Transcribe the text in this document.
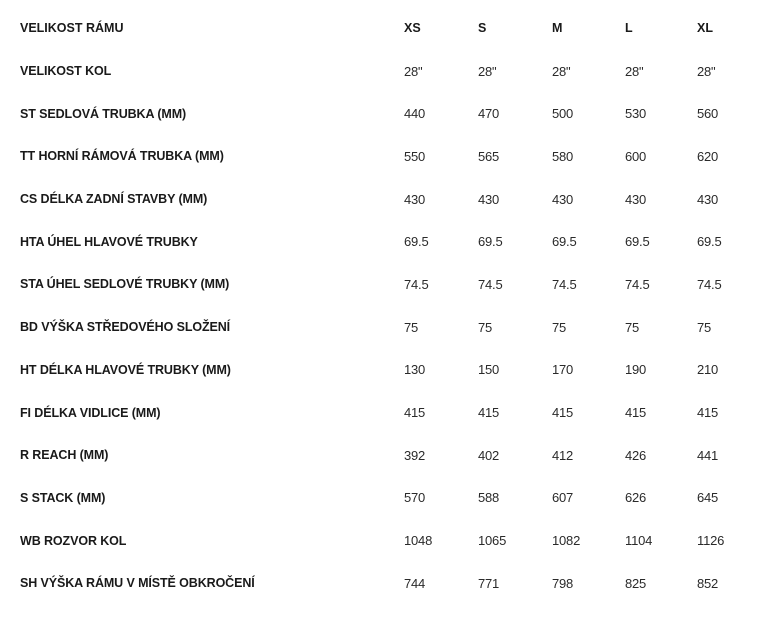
VELIKOST RÁMU	XS	S	M	L	XL
VELIKOST KOL	28"	28"	28"	28"	28"
ST SEDLOVÁ TRUBKA (MM)	440	470	500	530	560
TT HORNÍ RÁMOVÁ TRUBKA (MM)	550	565	580	600	620
CS DÉLKA ZADNÍ STAVBY (MM)	430	430	430	430	430
HTA ÚHEL HLAVOVÉ TRUBKY	69.5	69.5	69.5	69.5	69.5
STA ÚHEL SEDLOVÉ TRUBKY (MM)	74.5	74.5	74.5	74.5	74.5
BD VÝŠKA STŘEDOVÉHO SLOŽENÍ	75	75	75	75	75
HT DÉLKA HLAVOVÉ TRUBKY (MM)	130	150	170	190	210
FI DÉLKA VIDLICE (MM)	415	415	415	415	415
R REACH (MM)	392	402	412	426	441
S STACK (MM)	570	588	607	626	645
WB ROZVOR KOL	1048	1065	1082	1104	1126
SH VÝŠKA RÁMU V MÍSTĚ OBKROČENÍ	744	771	798	825	852
